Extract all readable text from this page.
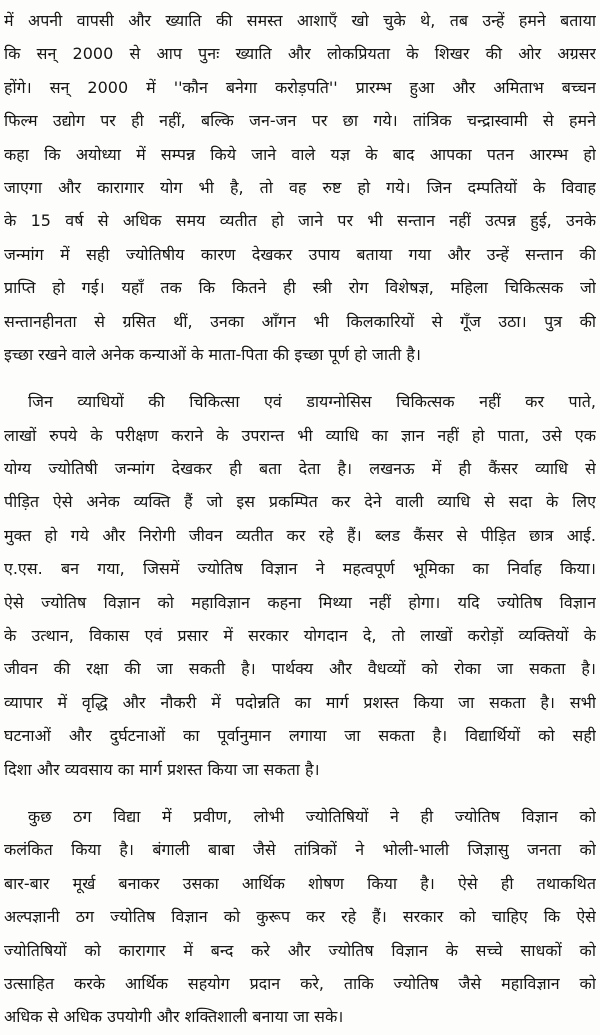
में अपनी वापसी और ख्याति की समस्त आशाएँ खो चुके थे, तब उन्हें हमने बताया
कि सन् 2000 से आप पुनः ख्याति और लोकप्रियता के शिखर की ओर अग्रसर
होंगे। सन् 2000 में ''कौन बनेगा करोड़पति'' प्रारम्भ हुआ और अमिताभ बच्चन
फिल्म उद्योग पर ही नहीं, बल्कि जन-जन पर छा गये। तांत्रिक चन्द्रास्वामी से हमने
कहा कि अयोध्या में सम्पन्न किये जाने वाले यज्ञ के बाद आपका पतन आरम्भ हो
जाएगा और कारागार योग भी है, तो वह रुष्ट हो गये। जिन दम्पतियों के विवाह
के 15 वर्ष से अधिक समय व्यतीत हो जाने पर भी सन्तान नहीं उत्पन्न हुई, उनके
जन्मांग में सही ज्योतिषीय कारण देखकर उपाय बताया गया और उन्हें सन्तान की
प्राप्ति हो गई। यहाँ तक कि कितने ही स्त्री रोग विशेषज्ञ, महिला चिकित्सक जो
सन्तानहीनता से ग्रसित थीं, उनका आँगन भी किलकारियों से गूँज उठा। पुत्र की
इच्छा रखने वाले अनेक कन्याओं के माता-पिता की इच्छा पूर्ण हो जाती है।
जिन व्याधियों की चिकित्सा एवं डायग्नोसिस चिकित्सक नहीं कर पाते,
लाखों रुपये के परीक्षण कराने के उपरान्त भी व्याधि का ज्ञान नहीं हो पाता, उसे एक
योग्य ज्योतिषी जन्मांग देखकर ही बता देता है। लखनऊ में ही कैंसर व्याधि से
पीड़ित ऐसे अनेक व्यक्ति हैं जो इस प्रकम्पित कर देने वाली व्याधि से सदा के लिए
मुक्त हो गये और निरोगी जीवन व्यतीत कर रहे हैं। ब्लड कैंसर से पीड़ित छात्र आई.
ए.एस. बन गया, जिसमें ज्योतिष विज्ञान ने महत्वपूर्ण भूमिका का निर्वाह किया।
ऐसे ज्योतिष विज्ञान को महाविज्ञान कहना मिथ्या नहीं होगा। यदि ज्योतिष विज्ञान
के उत्थान, विकास एवं प्रसार में सरकार योगदान दे, तो लाखों करोड़ों व्यक्तियों के
जीवन की रक्षा की जा सकती है। पार्थक्य और वैधव्यों को रोका जा सकता है।
व्यापार में वृद्धि और नौकरी में पदोन्नति का मार्ग प्रशस्त किया जा सकता है। सभी
घटनाओं और दुर्घटनाओं का पूर्वानुमान लगाया जा सकता है। विद्यार्थियों को सही
दिशा और व्यवसाय का मार्ग प्रशस्त किया जा सकता है।
कुछ ठग विद्या में प्रवीण, लोभी ज्योतिषियों ने ही ज्योतिष विज्ञान को
कलंकित किया है। बंगाली बाबा जैसे तांत्रिकों ने भोली-भाली जिज्ञासु जनता को
बार-बार मूर्ख बनाकर उसका आर्थिक शोषण किया है। ऐसे ही तथाकथित
अल्पज्ञानी ठग ज्योतिष विज्ञान को कुरूप कर रहे हैं। सरकार को चाहिए कि ऐसे
ज्योतिषियों को कारागार में बन्द करे और ज्योतिष विज्ञान के सच्चे साधकों को
उत्साहित करके आर्थिक सहयोग प्रदान करे, ताकि ज्योतिष जैसे महाविज्ञान को
अधिक से अधिक उपयोगी और शक्तिशाली बनाया जा सके।
